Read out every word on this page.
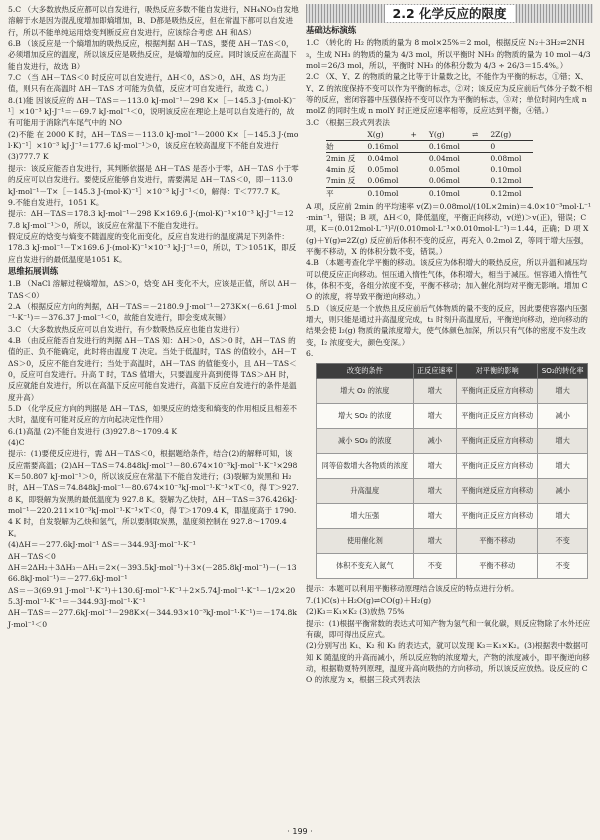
5.C （大多数放热反应都可以自发进行，吸热反应多数不能自发进行，NH₄NO₃自发地溶解于水是因为混乱度增加即熵增加，B、D都是吸热反应，但在常温下都可以自发进行，所以不能单纯运用焓变判断反应自发进行，应该综合考虑 ΔH 和ΔS）

6.B （该反应是一个熵增加的吸热反应，根据判据 ΔH－TΔS，要使 ΔH－TΔS＜0，必须增加反应的温度，所以该反应是吸热反应，是熵增加的反应。同时该反应在高温下能自发进行，故选 B）

7.C （当 ΔH－TΔS＜0 时反应可以自发进行，ΔH＜0，ΔS＞0，ΔH、ΔS 均为正值，则只有在高温时 ΔH－TΔS 才可能为负值，反应才可自发进行，故选 C。）

8.(1)能 因该反应的 ΔH－TΔS＝－113.0 kJ·mol⁻¹－298 K×［－145.3 J·(mol·K)⁻¹］×10⁻³ kJ·J⁻¹＝－69.7 kJ·mol⁻¹＜0，说明该反应在理论上是可以自发进行的，故有可能用于消除汽车尾气中的 NO

(2)不能 在 2000 K 时，ΔH－TΔS＝－113.0 kJ·mol⁻¹－2000 K×［－145.3 J·(mol·K)⁻¹］×10⁻³ kJ·J⁻¹＝177.6 kJ·mol⁻¹＞0，该反应在较高温度下不能自发进行

(3)777.7 K

提示：该反应能否自发进行，其判断依据是 ΔH－TΔS 是否小于零，ΔH－TΔS 小于零的反应可以自发进行。要使反应能够自发进行，需要满足 ΔH－TΔS＜0，即－113.0 kJ·mol⁻¹－T×［－145.3 J·(mol·K)⁻¹］×10⁻³ kJ·J⁻¹＜0，解得：T＜777.7 K。

9.不能自发进行，1051 K。

提示：ΔH－TΔS＝178.3 kJ·mol⁻¹－298 K×169.6 J·(mol·K)⁻¹×10⁻³ kJ·J⁻¹＝127.8 kJ·mol⁻¹＞0，所以，该反应在常温下不能自发进行。

假定反应的焓变与熵变不随温度的变化而变化，反应自发进行的温度满足下列条件：

178.3 kJ·mol⁻¹－T×169.6 J·(mol·K)⁻¹×10⁻³ kJ·J⁻¹＝0，所以，T＞1051K，即反应自发进行的最低温度是1051 K。

思维拓展训练

1.B （NaCl 溶解过程熵增加，ΔS＞0，焓变 ΔH 变化不大，应该是正值，所以 ΔH－TΔS＜0）

2.A （根据反应方向的判据，ΔH－TΔS＝－2180.9 J·mol⁻¹－273K×(－6.61 J·mol⁻¹·K⁻¹)＝－376.37 J·mol⁻¹＜0，故能自发进行，即会变成灰锡）

3.C （大多数放热反应可以自发进行，有少数吸热反应也能自发进行）

4.B （由反应能否自发进行的判据 ΔH－TΔS 知：ΔH＞0，ΔS＞0 时，ΔH－TΔS 的值的正、负不能确定，此时将由温度 T 决定。当处于低温时，TΔS 的值较小，ΔH－TΔS＞0，反应不能自发进行；当处于高温时，ΔH－TΔS 的值能变小，且 ΔH－TΔS＜0，反应可自发进行。升高 T 时，TΔS 值增大，只要温度升高到使得 TΔS＞ΔH 时，反应就能自发进行，所以在高温下反应可能自发进行，高温下反应自发进行的条件是温度升高）

5.D （化学反应方向的判据是 ΔH－TΔS，如果反应的焓变和熵变的作用相反且相差不大时，温度有可能对反应的方向起决定性作用）

6.(1)高温 (2)不能自发进行 (3)927.8～1709.4 K

(4)C

提示：(1)要使反应进行，需 ΔH－TΔS＜0，根据题给条件，结合(2)的解释可知，该反应需要高温；(2)ΔH－TΔS＝74.848kJ·mol⁻¹－80.674×10⁻³kJ·mol⁻¹·K⁻¹×298K＝50.807 kJ·mol⁻¹＞0，所以该反应在常温下不能自发进行；(3)裂解为炭黑和 H₂ 时，ΔH－TΔS＝74.848kJ·mol⁻¹－80.674×10⁻³kJ·mol⁻¹·K⁻¹×T＜0，得 T＞927.8 K，即裂解为炭黑的最低温度为 927.8 K。裂解为乙炔时，ΔH－TΔS＝376.426kJ·mol⁻¹－220.211×10⁻³kJ·mol⁻¹·K⁻¹×T＜0，得 T＞1709.4 K，即温度高于 1790.4 K 时，自发裂解为乙炔和氢气，所以要制取炭黑，温度须控制在 927.8～1709.4 K。

(4)ΔH＝－277.6kJ·mol⁻¹ ΔS＝－344.93J·mol⁻¹·K⁻¹

ΔH－TΔS＜0

ΔH＝2ΔH₂＋3ΔH₃－ΔH₁＝2×(－393.5kJ·mol⁻¹)＋3×(－285.8kJ·mol⁻¹)－(－1366.8kJ·mol⁻¹)＝－277.6kJ·mol⁻¹

ΔS＝－3(69.91 J·mol⁻¹·K⁻¹)＋130.6J·mol⁻¹·K⁻¹＋2×5.74J·mol⁻¹·K⁻¹－1/2×205.3J·mol⁻¹·K⁻¹＝－344.93J·mol⁻¹·K⁻¹

ΔH－TΔS＝－277.6kJ·mol⁻¹－298K×(－344.93×10⁻³kJ·mol⁻¹·K⁻¹)＝－174.8kJ·mol⁻¹＜0

2.2 化学反应的限度
基础达标演练

1.C （转化的 H₂ 的物质的量为 8 mol×25%＝2 mol，根据反应 N₂＋3H₂⇌2NH₃，生成 NH₃ 的物质的量为 4/3 mol，所以平衡时 NH₃ 的物质的量为 10 mol－4/3 mol＝26/3 mol，所以，平衡时 NH₃ 的体积分数为 4/3 ÷ 26/3＝15.4%。）

2.C （X、Y、Z 的物质的量之比等于计量数之比，不能作为平衡的标志，①错；X、Y、Z 的浓度保持不变可以作为平衡的标志，②对；该反应为反应前后气体分子数不相等的反应，密闭容器中压强保持不变可以作为平衡的标志，③对；单位时间内生成 n molZ 的同时生成 n molY 时正逆反应速率相等，反应达到平衡，④错。）

3.C （根据三段式列表法

	X(g)	+	Y(g)	⇌	2Z(g)
始	0.16mol		0.16mol		0
2min 反	0.04mol		0.04mol		0.08mol
4min 反	0.05mol		0.05mol		0.10mol
7min 反	0.06mol		0.06mol		0.12mol
平	0.10mol		0.10mol		0.12mol

A 项，反应前 2min 的平均速率 v(Z)＝0.08mol/(10L×2min)＝4.0×10⁻³mol·L⁻¹·min⁻¹，错误；B 项，ΔH＜0，降低温度，平衡正向移动，v(逆)＞v(正)，错误；C 项，K＝(0.012mol·L⁻¹)²/(0.010mol·L⁻¹×0.010mol·L⁻¹)＝1.44，正确；D 项 X(g)＋Y(g)⇌2Z(g) 反应前后体积不变的反应，再充入 0.2mol Z，等同于增大压强，平衡不移动，X 的体积分数不变，错误。）

4.B （本题考查化学平衡的移动。该反应为体积增大的吸热反应，所以升温和减压均可以使反应正向移动。恒压通入惰性气体，体积增大，相当于减压。恒容通入惰性气体，体积不变，各组分浓度不变，平衡不移动；加入催化剂均对平衡无影响。增加 CO 的浓度，将导致平衡逆向移动。）

5.D （该反应是一个放热且反应前后气体物质的量不变的反应，因此要使容器内压强增大，则只能是通过升高温度完成，t₁ 时刻升高温度后，平衡逆向移动，逆向移动的结果会使 I₂(g) 物质的量浓度增大，使气体颜色加深，所以只有气体的密度不发生改变，I₂ 浓度变大，颜色变深。）

6.

改变的条件	正反应速率	对平衡的影响	SO₂的转化率
增大 O₂ 的浓度	增大	平衡向正反应方向移动	增大
增大 SO₂ 的浓度	增大	平衡向正反应方向移动	减小
减小 SO₃ 的浓度	减小	平衡向正反应方向移动	增大
同等倍数增大各物质的浓度	增大	平衡向正反应方向移动	增大
升高温度	增大	平衡向逆反应方向移动	减小
增大压强	增大	平衡向正反应方向移动	增大
使用催化剂	增大	平衡不移动	不变
体积不变充入氮气	不变	平衡不移动	不变

提示：本题可以利用平衡移动原理结合该反应的特点进行分析。

7.(1)C(s)＋H₂O(g)⇌CO(g)＋H₂(g)

(2)K₃＝K₁×K₂ (3)放热 75%

提示：(1)根据平衡常数的表达式可知产物为氢气和一氧化碳，则反应物除了水外还应有碳，即可得出反应式。

(2)分别写出 K₁、K₂ 和 K₃ 的表达式，就可以发现 K₃＝K₁×K₂。(3)根据表中数据可知 K 随温度的升高而减小，所以反应物的浓度增大，产物的浓度减小，即平衡逆向移动，根据勒夏特列原理，温度升高向吸热的方向移动，所以该反应放热。设反应的 CO 的浓度为 x，根据三段式列表法

· 199 ·
